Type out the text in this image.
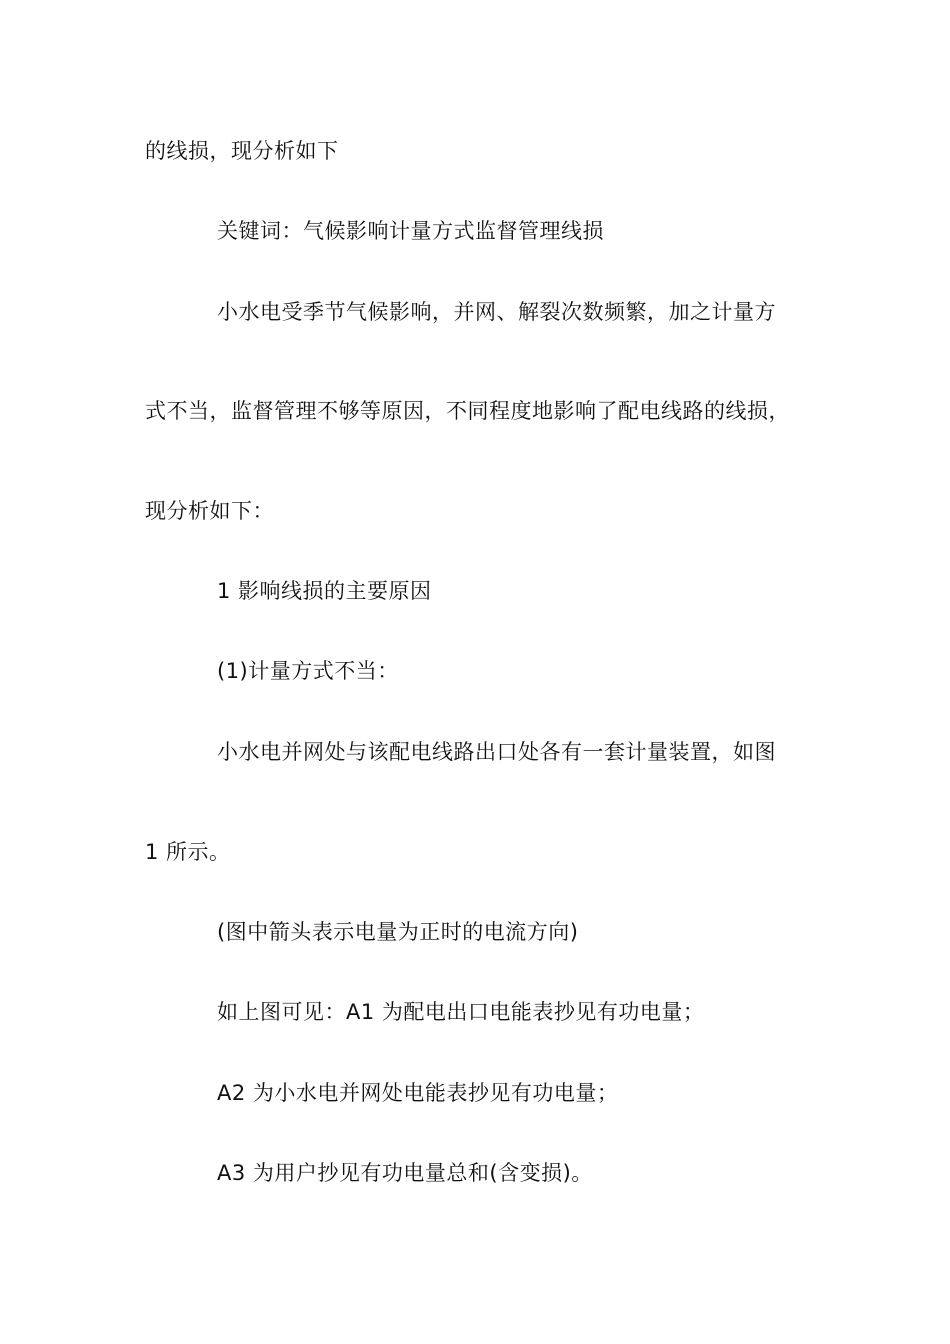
的线损，现分析如下
关键词：气候影响计量方式监督管理线损
小水电受季节气候影响，并网、解裂次数频繁，加之计量方
式不当，监督管理不够等原因，不同程度地影响了配电线路的线损，
现分析如下：
1 影响线损的主要原因
(1)计量方式不当：
小水电并网处与该配电线路出口处各有一套计量装置，如图
1 所示。
(图中箭头表示电量为正时的电流方向)
如上图可见：A1 为配电出口电能表抄见有功电量；
A2 为小水电并网处电能表抄见有功电量；
A3 为用户抄见有功电量总和(含变损)。
